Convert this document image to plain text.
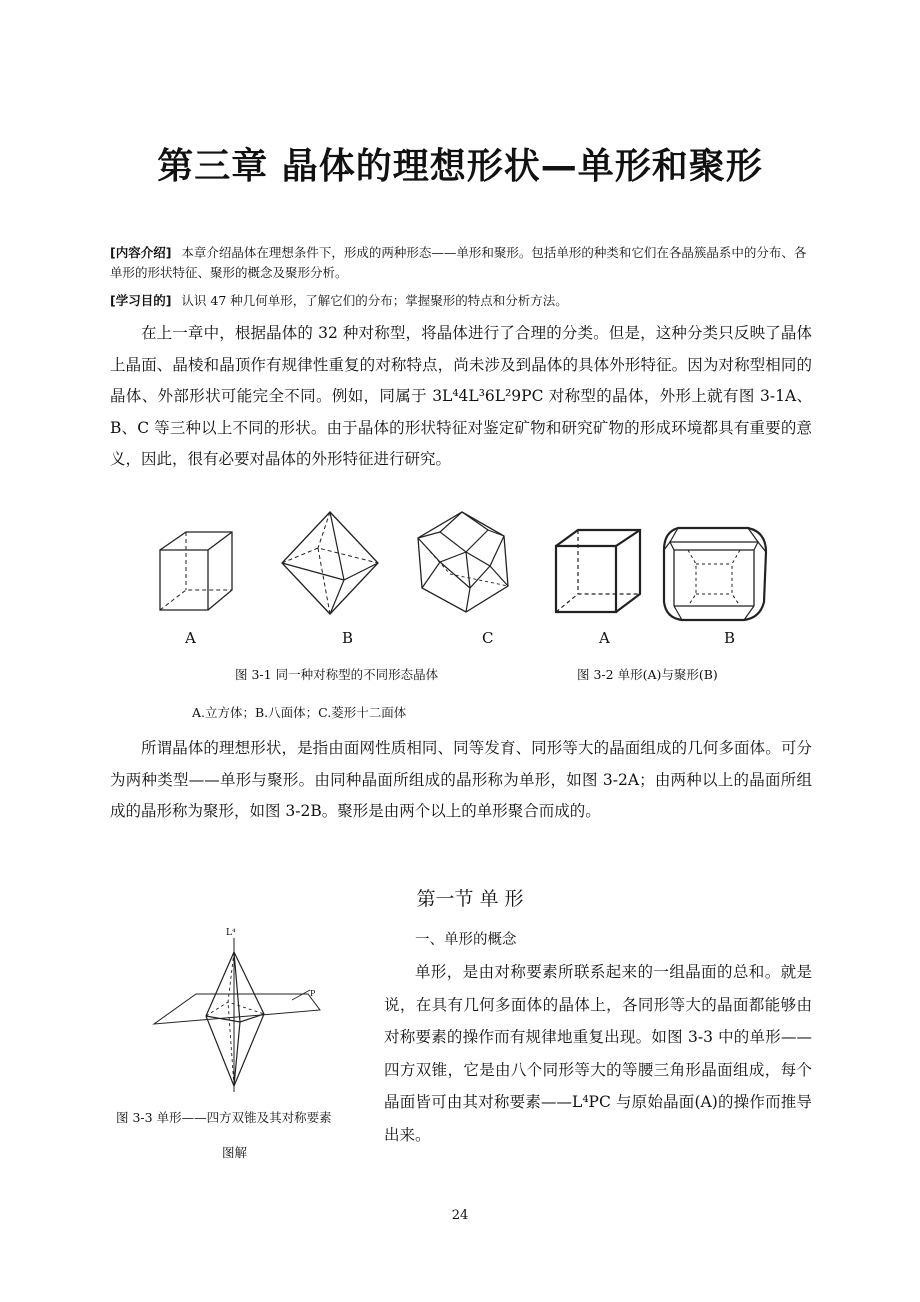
第三章 晶体的理想形状—单形和聚形
[内容介绍] 本章介绍晶体在理想条件下，形成的两种形态——单形和聚形。包括单形的种类和它们在各晶簇晶系中的分布、各单形的形状特征、聚形的概念及聚形分析。
[学习目的] 认识 47 种几何单形，了解它们的分布；掌握聚形的特点和分析方法。
在上一章中，根据晶体的 32 种对称型，将晶体进行了合理的分类。但是，这种分类只反映了晶体上晶面、晶棱和晶顶作有规律性重复的对称特点，尚未涉及到晶体的具体外形特征。因为对称型相同的晶体、外部形状可能完全不同。例如，同属于 3L⁴4L³6L²9PC 对称型的晶体，外形上就有图 3-1A、B、C 等三种以上不同的形状。由于晶体的形状特征对鉴定矿物和研究矿物的形成环境都具有重要的意义，因此，很有必要对晶体的外形特征进行研究。
A	B	C	A	B
图 3-1 同一种对称型的不同形态晶体	图 3-2 单形(A)与聚形(B)
A.立方体；B.八面体；C.菱形十二面体
所谓晶体的理想形状，是指由面网性质相同、同等发育、同形等大的晶面组成的几何多面体。可分为两种类型——单形与聚形。由同种晶面所组成的晶形称为单形，如图 3-2A；由两种以上的晶面所组成的晶形称为聚形，如图 3-2B。聚形是由两个以上的单形聚合而成的。
第一节 单 形
一、单形的概念
单形，是由对称要素所联系起来的一组晶面的总和。就是说，在具有几何多面体的晶体上，各同形等大的晶面都能够由对称要素的操作而有规律地重复出现。如图 3-3 中的单形——四方双锥，它是由八个同形等大的等腰三角形晶面组成，每个晶面皆可由其对称要素——L⁴PC 与原始晶面(A)的操作而推导出来。
L⁴
P
图 3-3 单形——四方双锥及其对称要素
图解
24
